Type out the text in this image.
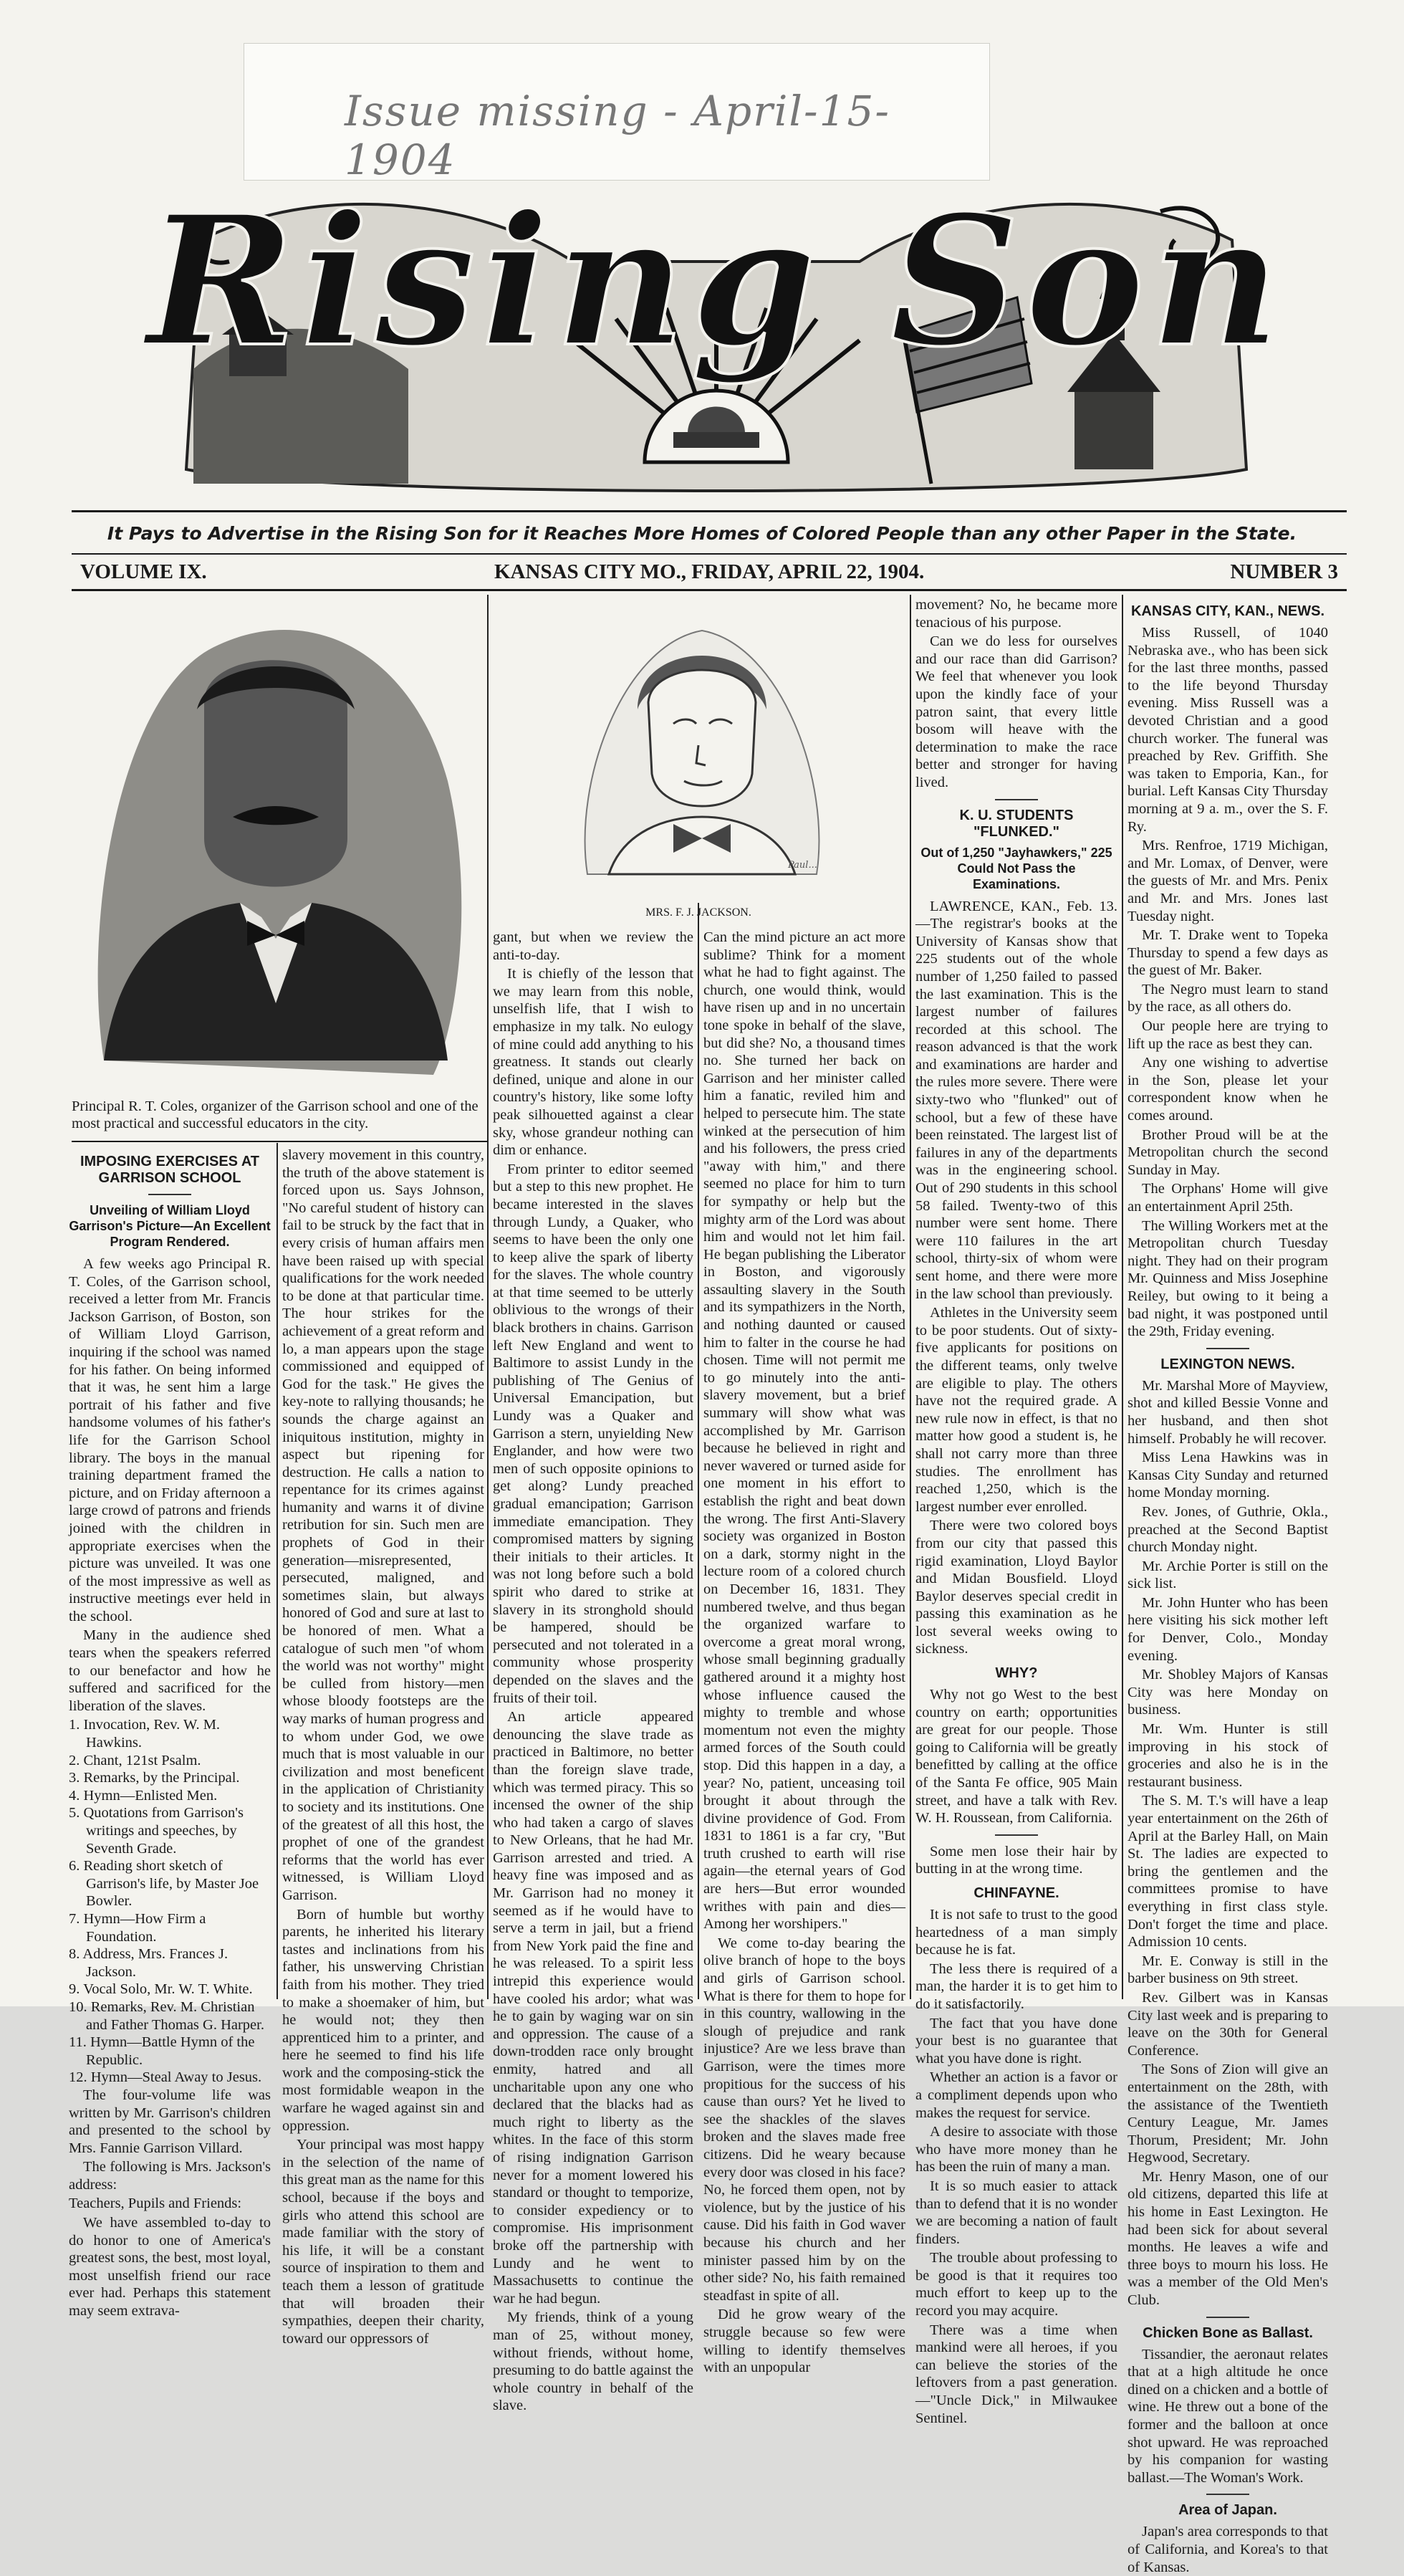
Issue missing - April-15-1904
Rising Son
It Pays to Advertise in the Rising Son for it Reaches More Homes of Colored People than any other Paper in the State.
VOLUME IX.	KANSAS CITY MO., FRIDAY, APRIL 22, 1904.	NUMBER 3
Principal R. T. Coles, organizer of the Garrison school and one of the most practical and successful educators in the city.
Paul...
MRS. F. J. JACKSON.

IMPOSING EXERCISES AT GARRISON SCHOOL

Unveiling of William Lloyd Garrison's Picture—An Excellent Program Rendered.

A few weeks ago Principal R. T. Coles, of the Garrison school, received a letter from Mr. Francis Jackson Garrison, of Boston, son of William Lloyd Garrison, inquiring if the school was named for his father. On being informed that it was, he sent him a large portrait of his father and five handsome volumes of his father's life for the Garrison School library. The boys in the manual training department framed the picture, and on Friday afternoon a large crowd of patrons and friends joined with the children in appropriate exercises when the picture was unveiled. It was one of the most impressive as well as instructive meetings ever held in the school.

Many in the audience shed tears when the speakers referred to our benefactor and how he suffered and sacrificed for the liberation of the slaves.

1. Invocation, Rev. W. M. Hawkins.

2. Chant, 121st Psalm.

3. Remarks, by the Principal.

4. Hymn—Enlisted Men.

5. Quotations from Garrison's writings and speeches, by Seventh Grade.

6. Reading short sketch of Garrison's life, by Master Joe Bowler.

7. Hymn—How Firm a Foundation.

8. Address, Mrs. Frances J. Jackson.

9. Vocal Solo, Mr. W. T. White.

10. Remarks, Rev. M. Christian and Father Thomas G. Harper.

11. Hymn—Battle Hymn of the Republic.

12. Hymn—Steal Away to Jesus.

The four-volume life was written by Mr. Garrison's children and presented to the school by Mrs. Fannie Garrison Villard.

The following is Mrs. Jackson's address:

Teachers, Pupils and Friends:

We have assembled to-day to do honor to one of America's greatest sons, the best, most loyal, most unselfish friend our race ever had. Perhaps this statement may seem extrava-

slavery movement in this country, the truth of the above statement is forced upon us. Says Johnson, "No careful student of history can fail to be struck by the fact that in every crisis of human affairs men have been raised up with special qualifications for the work needed to be done at that particular time. The hour strikes for the achievement of a great reform and lo, a man appears upon the stage commissioned and equipped of God for the task." He gives the key-note to rallying thousands; he sounds the charge against an iniquitous institution, mighty in aspect but ripening for destruction. He calls a nation to repentance for its crimes against humanity and warns it of divine retribution for sin. Such men are prophets of God in their generation—misrepresented, persecuted, maligned, and sometimes slain, but always honored of God and sure at last to be honored of men. What a catalogue of such men "of whom the world was not worthy" might be culled from history—men whose bloody footsteps are the way marks of human progress and to whom under God, we owe much that is most valuable in our civilization and most beneficent in the application of Christianity to society and its institutions. One of the greatest of all this host, the prophet of one of the grandest reforms that the world has ever witnessed, is William Lloyd Garrison.

Born of humble but worthy parents, he inherited his literary tastes and inclinations from his father, his unswerving Christian faith from his mother. They tried to make a shoemaker of him, but he would not; they then apprenticed him to a printer, and here he seemed to find his life work and the composing-stick the most formidable weapon in the warfare he waged against sin and oppression.

Your principal was most happy in the selection of the name of this great man as the name for this school, because if the boys and girls who attend this school are made familiar with the story of his life, it will be a constant source of inspiration to them and teach them a lesson of gratitude that will broaden their sympathies, deepen their charity, toward our oppressors of

gant, but when we review the anti-to-day.

It is chiefly of the lesson that we may learn from this noble, unselfish life, that I wish to emphasize in my talk. No eulogy of mine could add anything to his greatness. It stands out clearly defined, unique and alone in our country's history, like some lofty peak silhouetted against a clear sky, whose grandeur nothing can dim or enhance.

From printer to editor seemed but a step to this new prophet. He became interested in the slaves through Lundy, a Quaker, who seems to have been the only one to keep alive the spark of liberty for the slaves. The whole country at that time seemed to be utterly oblivious to the wrongs of their black brothers in chains. Garrison left New England and went to Baltimore to assist Lundy in the publishing of The Genius of Universal Emancipation, but Lundy was a Quaker and Garrison a stern, unyielding New Englander, and how were two men of such opposite opinions to get along? Lundy preached gradual emancipation; Garrison immediate emancipation. They compromised matters by signing their initials to their articles. It was not long before such a bold spirit who dared to strike at slavery in its stronghold should be hampered, should be persecuted and not tolerated in a community whose prosperity depended on the slaves and the fruits of their toil.

An article appeared denouncing the slave trade as practiced in Baltimore, no better than the foreign slave trade, which was termed piracy. This so incensed the owner of the ship who had taken a cargo of slaves to New Orleans, that he had Mr. Garrison arrested and tried. A heavy fine was imposed and as Mr. Garrison had no money it seemed as if he would have to serve a term in jail, but a friend from New York paid the fine and he was released. To a spirit less intrepid this experience would have cooled his ardor; what was he to gain by waging war on sin and oppression. The cause of a down-trodden race only brought enmity, hatred and all uncharitable upon any one who declared that the blacks had as much right to liberty as the whites. In the face of this storm of rising indignation Garrison never for a moment lowered his standard or thought to temporize, to consider expediency or to compromise. His imprisonment broke off the partnership with Lundy and he went to Massachusetts to continue the war he had begun.

My friends, think of a young man of 25, without money, without friends, without home, presuming to do battle against the whole country in behalf of the slave.

Can the mind picture an act more sublime? Think for a moment what he had to fight against. The church, one would think, would have risen up and in no uncertain tone spoke in behalf of the slave, but did she? No, a thousand times no. She turned her back on Garrison and her minister called him a fanatic, reviled him and helped to persecute him. The state winked at the persecution of him and his followers, the press cried "away with him," and there seemed no place for him to turn for sympathy or help but the mighty arm of the Lord was about him and would not let him fail. He began publishing the Liberator in Boston, and vigorously assaulting slavery in the South and its sympathizers in the North, and nothing daunted or caused him to falter in the course he had chosen. Time will not permit me to go minutely into the anti-slavery movement, but a brief summary will show what was accomplished by Mr. Garrison because he believed in right and never wavered or turned aside for one moment in his effort to establish the right and beat down the wrong. The first Anti-Slavery society was organized in Boston on a dark, stormy night in the lecture room of a colored church on December 16, 1831. They numbered twelve, and thus began the organized warfare to overcome a great moral wrong, whose small beginning gradually gathered around it a mighty host whose influence caused the mighty to tremble and whose momentum not even the mighty armed forces of the South could stop. Did this happen in a day, a year? No, patient, unceasing toil brought it about through the divine providence of God. From 1831 to 1861 is a far cry, "But truth crushed to earth will rise again—the eternal years of God are hers—But error wounded writhes with pain and dies—Among her worshipers."

We come to-day bearing the olive branch of hope to the boys and girls of Garrison school. What is there for them to hope for in this country, wallowing in the slough of prejudice and rank injustice? Are we less brave than Garrison, were the times more propitious for the success of his cause than ours? Yet he lived to see the shackles of the slaves broken and the slaves made free citizens. Did he weary because every door was closed in his face? No, he forced them open, not by violence, but by the justice of his cause. Did his faith in God waver because his church and her minister passed him by on the other side? No, his faith remained steadfast in spite of all.

Did he grow weary of the struggle because so few were willing to identify themselves with an unpopular

movement? No, he became more tenacious of his purpose.

Can we do less for ourselves and our race than did Garrison? We feel that whenever you look upon the kindly face of your patron saint, that every little bosom will heave with the determination to make the race better and stronger for having lived.

K. U. STUDENTS "FLUNKED."

Out of 1,250 "Jayhawkers," 225 Could Not Pass the Examinations.

LAWRENCE, KAN., Feb. 13.—The registrar's books at the University of Kansas show that 225 students out of the whole number of 1,250 failed to passed the last examination. This is the largest number of failures recorded at this school. The reason advanced is that the work and examinations are harder and the rules more severe. There were sixty-two who "flunked" out of school, but a few of these have been reinstated. The largest list of failures in any of the departments was in the engineering school. Out of 290 students in this school 58 failed. Twenty-two of this number were sent home. There were 110 failures in the art school, thirty-six of whom were sent home, and there were more in the law school than previously.

Athletes in the University seem to be poor students. Out of sixty-five applicants for positions on the different teams, only twelve are eligible to play. The others have not the required grade. A new rule now in effect, is that no matter how good a student is, he shall not carry more than three studies. The enrollment has reached 1,250, which is the largest number ever enrolled.

There were two colored boys from our city that passed this rigid examination, Lloyd Baylor and Midan Bousfield. Lloyd Baylor deserves special credit in passing this examination as he lost several weeks owing to sickness.

WHY?

Why not go West to the best country on earth; opportunities are great for our people. Those going to California will be greatly benefitted by calling at the office of the Santa Fe office, 905 Main street, and have a talk with Rev. W. H. Roussean, from California.

Some men lose their hair by butting in at the wrong time.

CHINFAYNE.

It is not safe to trust to the good heartedness of a man simply because he is fat.

The less there is required of a man, the harder it is to get him to do it satisfactorily.

The fact that you have done your best is no guarantee that what you have done is right.

Whether an action is a favor or a compliment depends upon who makes the request for service.

A desire to associate with those who have more money than he has been the ruin of many a man.

It is so much easier to attack than to defend that it is no wonder we are becoming a nation of fault finders.

The trouble about professing to be good is that it requires too much effort to keep up to the record you may acquire.

There was a time when mankind were all heroes, if you can believe the stories of the leftovers from a past generation.—"Uncle Dick," in Milwaukee Sentinel.

KANSAS CITY, KAN., NEWS.

Miss Russell, of 1040 Nebraska ave., who has been sick for the last three months, passed to the life beyond Thursday evening. Miss Russell was a devoted Christian and a good church worker. The funeral was preached by Rev. Griffith. She was taken to Emporia, Kan., for burial. Left Kansas City Thursday morning at 9 a. m., over the S. F. Ry.

Mrs. Renfroe, 1719 Michigan, and Mr. Lomax, of Denver, were the guests of Mr. and Mrs. Penix and Mr. and Mrs. Jones last Tuesday night.

Mr. T. Drake went to Topeka Thursday to spend a few days as the guest of Mr. Baker.

The Negro must learn to stand by the race, as all others do.

Our people here are trying to lift up the race as best they can.

Any one wishing to advertise in the Son, please let your correspondent know when he comes around.

Brother Proud will be at the Metropolitan church the second Sunday in May.

The Orphans' Home will give an entertainment April 25th.

The Willing Workers met at the Metropolitan church Tuesday night. They had on their program Mr. Quinness and Miss Josephine Reiley, but owing to it being a bad night, it was postponed until the 29th, Friday evening.

LEXINGTON NEWS.

Mr. Marshal More of Mayview, shot and killed Bessie Vonne and her husband, and then shot himself. Probably he will recover.

Miss Lena Hawkins was in Kansas City Sunday and returned home Monday morning.

Rev. Jones, of Guthrie, Okla., preached at the Second Baptist church Monday night.

Mr. Archie Porter is still on the sick list.

Mr. John Hunter who has been here visiting his sick mother left for Denver, Colo., Monday evening.

Mr. Shobley Majors of Kansas City was here Monday on business.

Mr. Wm. Hunter is still improving in his stock of groceries and also he is in the restaurant business.

The S. M. T.'s will have a leap year entertainment on the 26th of April at the Barley Hall, on Main St. The ladies are expected to bring the gentlemen and the committees promise to have everything in first class style. Don't forget the time and place. Admission 10 cents.

Mr. E. Conway is still in the barber business on 9th street.

Rev. Gilbert was in Kansas City last week and is preparing to leave on the 30th for General Conference.

The Sons of Zion will give an entertainment on the 28th, with the assistance of the Twentieth Century League, Mr. James Thorum, President; Mr. John Hegwood, Secretary.

Mr. Henry Mason, one of our old citizens, departed this life at his home in East Lexington. He had been sick for about several months. He leaves a wife and three boys to mourn his loss. He was a member of the Old Men's Club.

Chicken Bone as Ballast.

Tissandier, the aeronaut relates that at a high altitude he once dined on a chicken and a bottle of wine. He threw out a bone of the former and the balloon at once shot upward. He was reproached by his companion for wasting ballast.—The Woman's Work.

Area of Japan.

Japan's area corresponds to that of California, and Korea's to that of Kansas.
